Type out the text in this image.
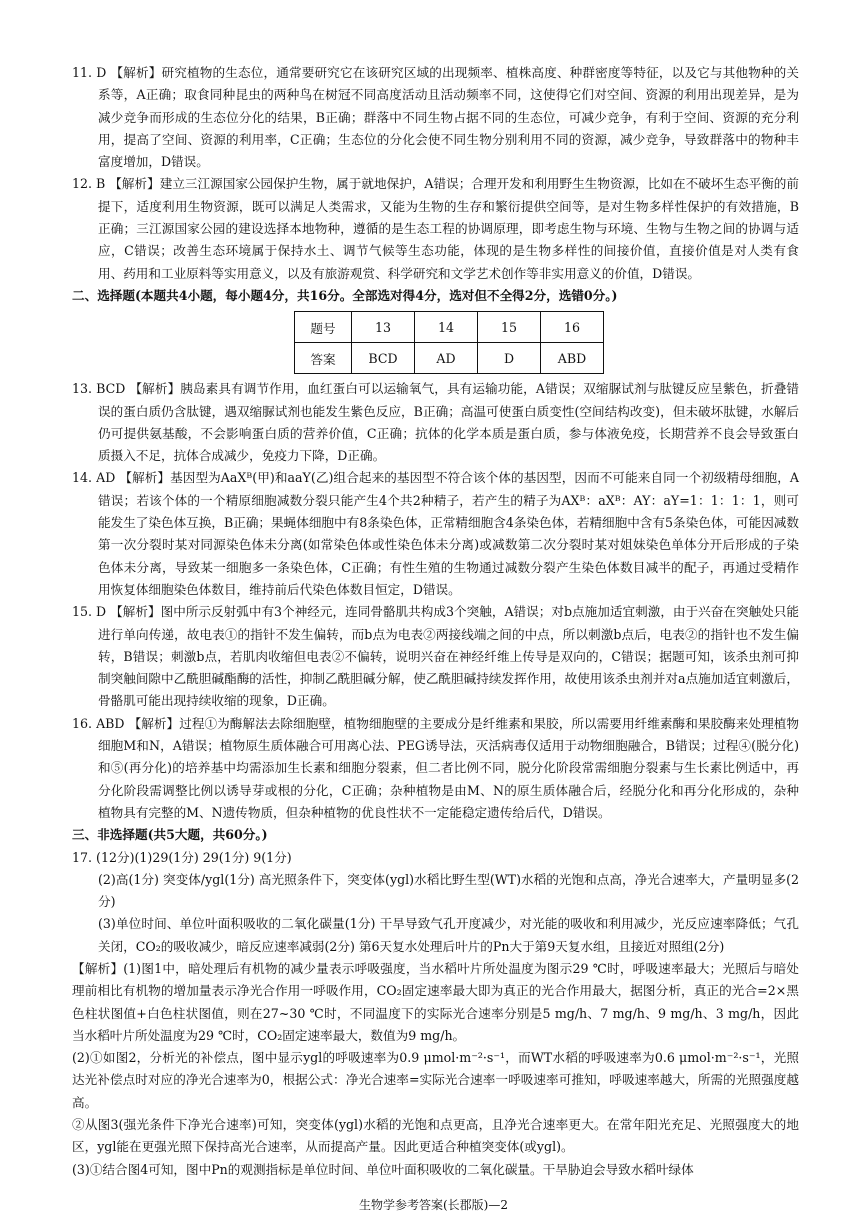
11. D 【解析】研究植物的生态位，通常要研究它在该研究区域的出现频率、植株高度、种群密度等特征，以及它与其他物种的关系等，A正确；取食同种昆虫的两种鸟在树冠不同高度活动且活动频率不同，这使得它们对空间、资源的利用出现差异，是为减少竞争而形成的生态位分化的结果，B正确；群落中不同生物占据不同的生态位，可减少竞争，有利于空间、资源的充分利用，提高了空间、资源的利用率，C正确；生态位的分化会使不同生物分别利用不同的资源，减少竞争，导致群落中的物种丰富度增加，D错误。

12. B 【解析】建立三江源国家公园保护生物，属于就地保护，A错误；合理开发和利用野生生物资源，比如在不破坏生态平衡的前提下，适度利用生物资源，既可以满足人类需求，又能为生物的生存和繁衍提供空间等，是对生物多样性保护的有效措施，B正确；三江源国家公园的建设选择本地物种，遵循的是生态工程的协调原理，即考虑生物与环境、生物与生物之间的协调与适应，C错误；改善生态环境属于保持水土、调节气候等生态功能，体现的是生物多样性的间接价值，直接价值是对人类有食用、药用和工业原料等实用意义，以及有旅游观赏、科学研究和文学艺术创作等非实用意义的价值，D错误。

二、选择题(本题共4小题，每小题4分，共16分。全部选对得4分，选对但不全得2分，选错0分。)

题号	13	14	15	16
答案	BCD	AD	D	ABD

13. BCD 【解析】胰岛素具有调节作用，血红蛋白可以运输氧气，具有运输功能，A错误；双缩脲试剂与肽键反应呈紫色，折叠错误的蛋白质仍含肽键，遇双缩脲试剂也能发生紫色反应，B正确；高温可使蛋白质变性(空间结构改变)，但未破坏肽键，水解后仍可提供氨基酸，不会影响蛋白质的营养价值，C正确；抗体的化学本质是蛋白质，参与体液免疫，长期营养不良会导致蛋白质摄入不足，抗体合成减少，免疫力下降，D正确。

14. AD 【解析】基因型为AaXᴮ(甲)和aaY(乙)组合起来的基因型不符合该个体的基因型，因而不可能来自同一个初级精母细胞，A错误；若该个体的一个精原细胞减数分裂只能产生4个共2种精子，若产生的精子为AXᴮ：aXᴮ：AY：aY=1：1：1：1，则可能发生了染色体互换，B正确；果蝇体细胞中有8条染色体，正常精细胞含4条染色体，若精细胞中含有5条染色体，可能因减数第一次分裂时某对同源染色体未分离(如常染色体或性染色体未分离)或减数第二次分裂时某对姐妹染色单体分开后形成的子染色体未分离，导致某一细胞多一条染色体，C正确；有性生殖的生物通过减数分裂产生染色体数目减半的配子，再通过受精作用恢复体细胞染色体数目，维持前后代染色体数目恒定，D错误。

15. D 【解析】图中所示反射弧中有3个神经元，连同骨骼肌共构成3个突触，A错误；对b点施加适宜刺激，由于兴奋在突触处只能进行单向传递，故电表①的指针不发生偏转，而b点为电表②两接线端之间的中点，所以刺激b点后，电表②的指针也不发生偏转，B错误；刺激b点，若肌肉收缩但电表②不偏转，说明兴奋在神经纤维上传导是双向的，C错误；据题可知，该杀虫剂可抑制突触间隙中乙酰胆碱酯酶的活性，抑制乙酰胆碱分解，使乙酰胆碱持续发挥作用，故使用该杀虫剂并对a点施加适宜刺激后，骨骼肌可能出现持续收缩的现象，D正确。

16. ABD 【解析】过程①为酶解法去除细胞壁，植物细胞壁的主要成分是纤维素和果胶，所以需要用纤维素酶和果胶酶来处理植物细胞M和N，A错误；植物原生质体融合可用离心法、PEG诱导法，灭活病毒仅适用于动物细胞融合，B错误；过程④(脱分化)和⑤(再分化)的培养基中均需添加生长素和细胞分裂素，但二者比例不同，脱分化阶段常需细胞分裂素与生长素比例适中，再分化阶段需调整比例以诱导芽或根的分化，C正确；杂种植物是由M、N的原生质体融合后，经脱分化和再分化形成的，杂种植物具有完整的M、N遗传物质，但杂种植物的优良性状不一定能稳定遗传给后代，D错误。

三、非选择题(共5大题，共60分。)

17. (12分)(1)29(1分) 29(1分) 9(1分)

(2)高(1分) 突变体/ygl(1分) 高光照条件下，突变体(ygl)水稻比野生型(WT)水稻的光饱和点高，净光合速率大，产量明显多(2分)

(3)单位时间、单位叶面积吸收的二氧化碳量(1分) 干旱导致气孔开度减少，对光能的吸收和利用减少，光反应速率降低；气孔关闭，CO₂的吸收减少，暗反应速率减弱(2分) 第6天复水处理后叶片的Pn大于第9天复水组，且接近对照组(2分)

【解析】(1)图1中，暗处理后有机物的减少量表示呼吸强度，当水稻叶片所处温度为图示29 ℃时，呼吸速率最大；光照后与暗处理前相比有机物的增加量表示净光合作用一呼吸作用，CO₂固定速率最大即为真正的光合作用最大，据图分析，真正的光合=2×黑色柱状图值+白色柱状图值，则在27~30 ℃时，不同温度下的实际光合速率分别是5 mg/h、7 mg/h、9 mg/h、3 mg/h，因此当水稻叶片所处温度为29 ℃时，CO₂固定速率最大，数值为9 mg/h。

(2)①如图2，分析光的补偿点，图中显示ygl的呼吸速率为0.9 μmol·m⁻²·s⁻¹，而WT水稻的呼吸速率为0.6 μmol·m⁻²·s⁻¹，光照达光补偿点时对应的净光合速率为0，根据公式：净光合速率=实际光合速率一呼吸速率可推知，呼吸速率越大，所需的光照强度越高。

②从图3(强光条件下净光合速率)可知，突变体(ygl)水稻的光饱和点更高，且净光合速率更大。在常年阳光充足、光照强度大的地区，ygl能在更强光照下保持高光合速率，从而提高产量。因此更适合种植突变体(或ygl)。

(3)①结合图4可知，图中Pn的观测指标是单位时间、单位叶面积吸收的二氧化碳量。干旱胁迫会导致水稻叶绿体

生物学参考答案(长郡版)—2
